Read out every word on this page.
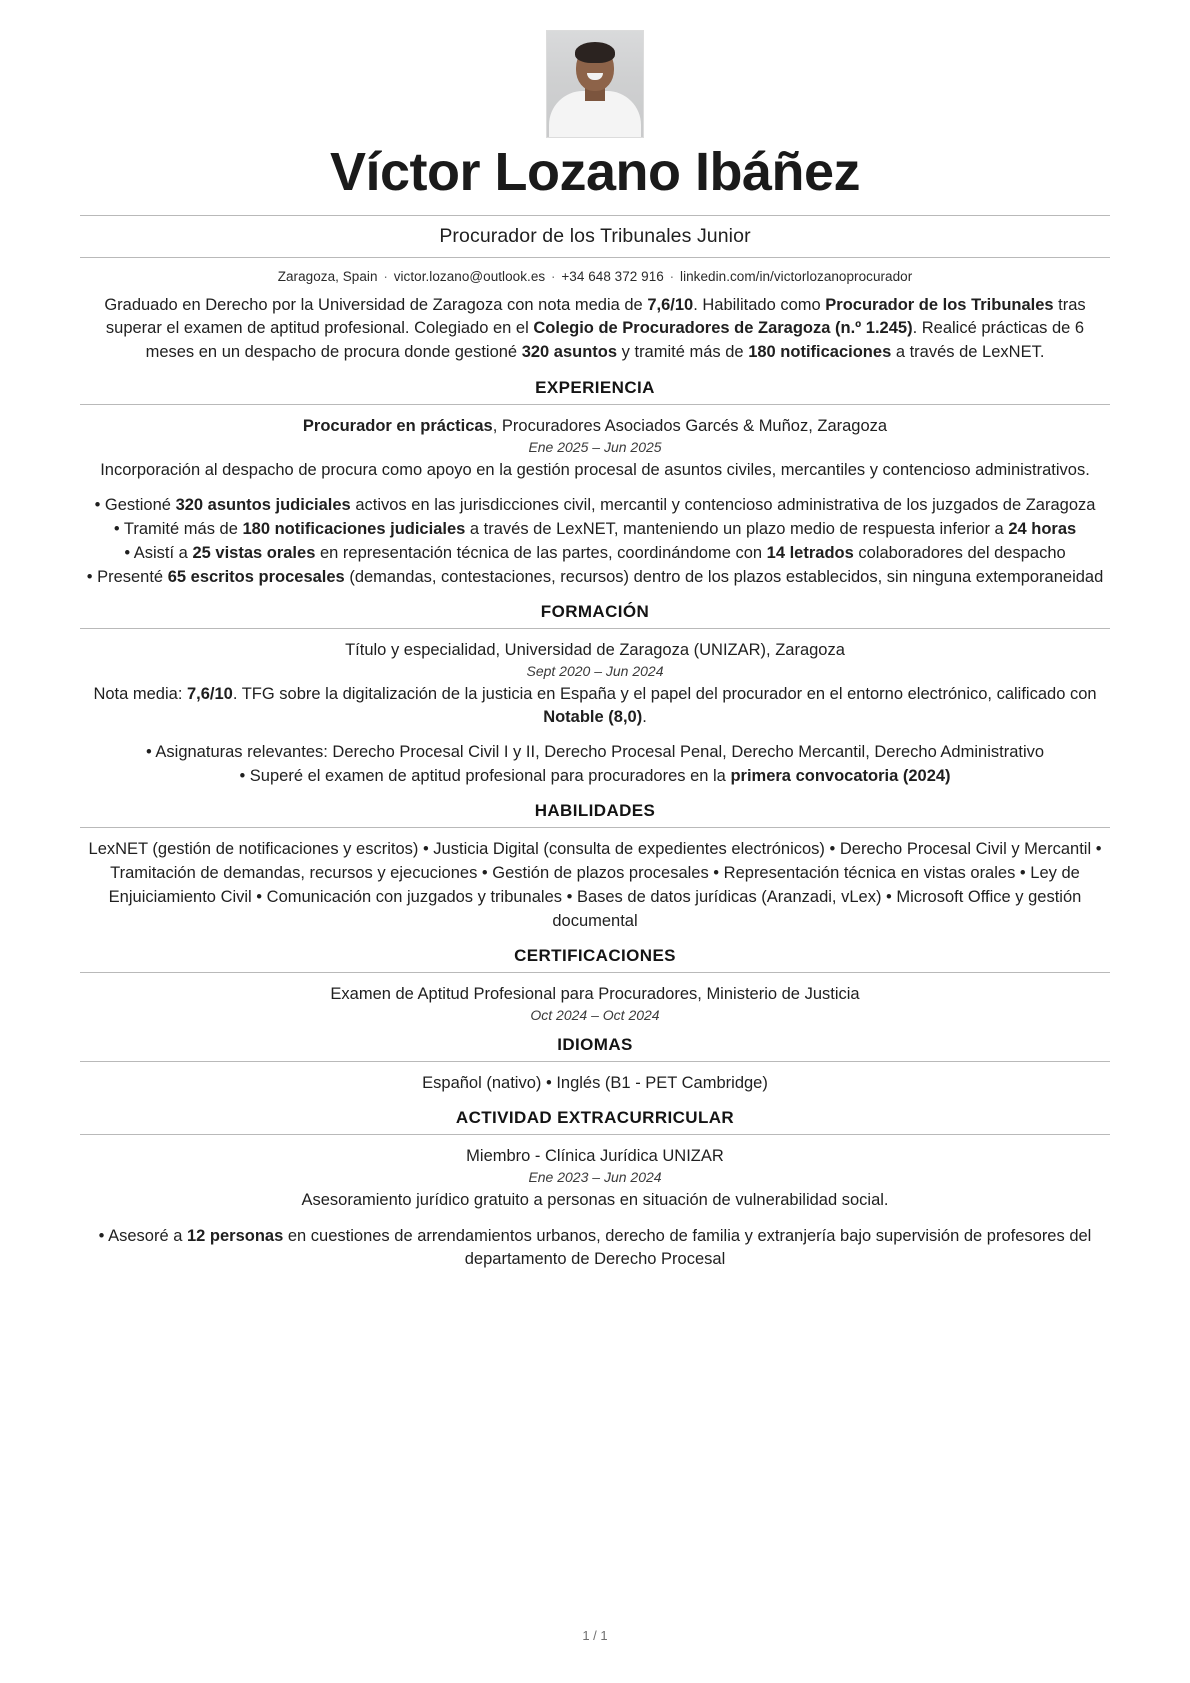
Víctor Lozano Ibáñez
Procurador de los Tribunales Junior
Zaragoza, Spain · victor.lozano@outlook.es · +34 648 372 916 · linkedin.com/in/victorlozanoprocurador
Graduado en Derecho por la Universidad de Zaragoza con nota media de 7,6/10. Habilitado como Procurador de los Tribunales tras superar el examen de aptitud profesional. Colegiado en el Colegio de Procuradores de Zaragoza (n.º 1.245). Realicé prácticas de 6 meses en un despacho de procura donde gestioné 320 asuntos y tramité más de 180 notificaciones a través de LexNET.
EXPERIENCIA
Procurador en prácticas, Procuradores Asociados Garcés & Muñoz, Zaragoza
Ene 2025 – Jun 2025
Incorporación al despacho de procura como apoyo en la gestión procesal de asuntos civiles, mercantiles y contencioso administrativos.
• Gestioné 320 asuntos judiciales activos en las jurisdicciones civil, mercantil y contencioso administrativa de los juzgados de Zaragoza
• Tramité más de 180 notificaciones judiciales a través de LexNET, manteniendo un plazo medio de respuesta inferior a 24 horas
• Asistí a 25 vistas orales en representación técnica de las partes, coordinándome con 14 letrados colaboradores del despacho
• Presenté 65 escritos procesales (demandas, contestaciones, recursos) dentro de los plazos establecidos, sin ninguna extemporaneidad
FORMACIÓN
Título y especialidad, Universidad de Zaragoza (UNIZAR), Zaragoza
Sept 2020 – Jun 2024
Nota media: 7,6/10. TFG sobre la digitalización de la justicia en España y el papel del procurador en el entorno electrónico, calificado con Notable (8,0).
• Asignaturas relevantes: Derecho Procesal Civil I y II, Derecho Procesal Penal, Derecho Mercantil, Derecho Administrativo
• Superé el examen de aptitud profesional para procuradores en la primera convocatoria (2024)
HABILIDADES
LexNET (gestión de notificaciones y escritos) • Justicia Digital (consulta de expedientes electrónicos) • Derecho Procesal Civil y Mercantil • Tramitación de demandas, recursos y ejecuciones • Gestión de plazos procesales • Representación técnica en vistas orales • Ley de Enjuiciamiento Civil • Comunicación con juzgados y tribunales • Bases de datos jurídicas (Aranzadi, vLex) • Microsoft Office y gestión documental
CERTIFICACIONES
Examen de Aptitud Profesional para Procuradores, Ministerio de Justicia
Oct 2024 – Oct 2024
IDIOMAS
Español (nativo) • Inglés (B1 - PET Cambridge)
ACTIVIDAD EXTRACURRICULAR
Miembro - Clínica Jurídica UNIZAR
Ene 2023 – Jun 2024
Asesoramiento jurídico gratuito a personas en situación de vulnerabilidad social.
• Asesoré a 12 personas en cuestiones de arrendamientos urbanos, derecho de familia y extranjería bajo supervisión de profesores del departamento de Derecho Procesal
1 / 1
